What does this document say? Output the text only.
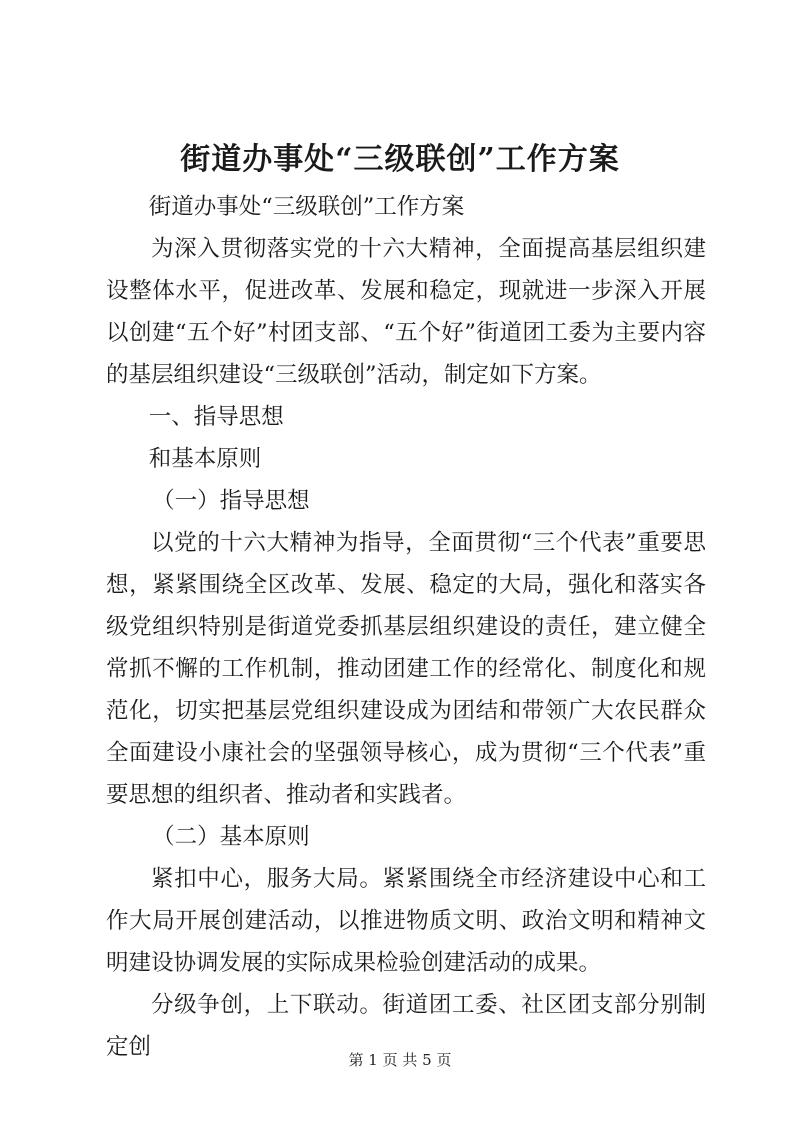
街道办事处“三级联创”工作方案

街道办事处“三级联创”工作方案

为深入贯彻落实党的十六大精神，全面提高基层组织建设整体水平，促进改革、发展和稳定，现就进一步深入开展以创建“五个好”村团支部、“五个好”街道团工委为主要内容的基层组织建设“三级联创”活动，制定如下方案。

一、指导思想

和基本原则

（一）指导思想

以党的十六大精神为指导，全面贯彻“三个代表”重要思想，紧紧围绕全区改革、发展、稳定的大局，强化和落实各级党组织特别是街道党委抓基层组织建设的责任，建立健全常抓不懈的工作机制，推动团建工作的经常化、制度化和规范化，切实把基层党组织建设成为团结和带领广大农民群众全面建设小康社会的坚强领导核心，成为贯彻“三个代表”重要思想的组织者、推动者和实践者。

（二）基本原则

紧扣中心，服务大局。紧紧围绕全市经济建设中心和工作大局开展创建活动，以推进物质文明、政治文明和精神文明建设协调发展的实际成果检验创建活动的成果。

分级争创，上下联动。街道团工委、社区团支部分别制定创	第 1 页 共 5 页
